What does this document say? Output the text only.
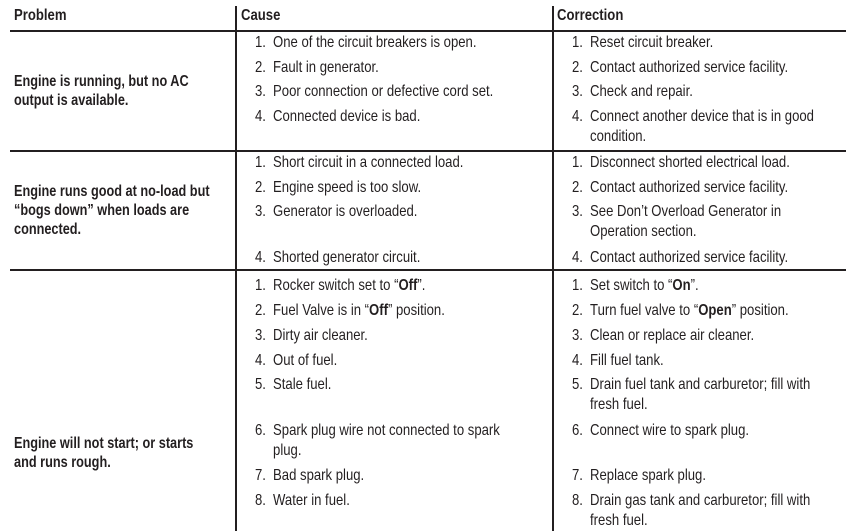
Problem	Cause	Correction
Engine is running, but no AC
output is available.
1. One of the circuit breakers is open.
2. Fault in generator.
3. Poor connection or defective cord set.
4. Connected device is bad.
1. Reset circuit breaker.
2. Contact authorized service facility.
3. Check and repair.
4. Connect another device that is in good
condition.
Engine runs good at no-load but
“bogs down” when loads are
connected.
1. Short circuit in a connected load.
2. Engine speed is too slow.
3. Generator is overloaded.
4. Shorted generator circuit.
1. Disconnect shorted electrical load.
2. Contact authorized service facility.
3. See Don’t Overload Generator in
Operation section.
4. Contact authorized service facility.
Engine will not start; or starts
and runs rough.
1. Rocker switch set to “Off”.
2. Fuel Valve is in “Off” position.
3. Dirty air cleaner.
4. Out of fuel.
5. Stale fuel.
6. Spark plug wire not connected to spark
plug.
7. Bad spark plug.
8. Water in fuel.
1. Set switch to “On”.
2. Turn fuel valve to “Open” position.
3. Clean or replace air cleaner.
4. Fill fuel tank.
5. Drain fuel tank and carburetor; fill with
fresh fuel.
6. Connect wire to spark plug.
7. Replace spark plug.
8. Drain gas tank and carburetor; fill with
fresh fuel.
